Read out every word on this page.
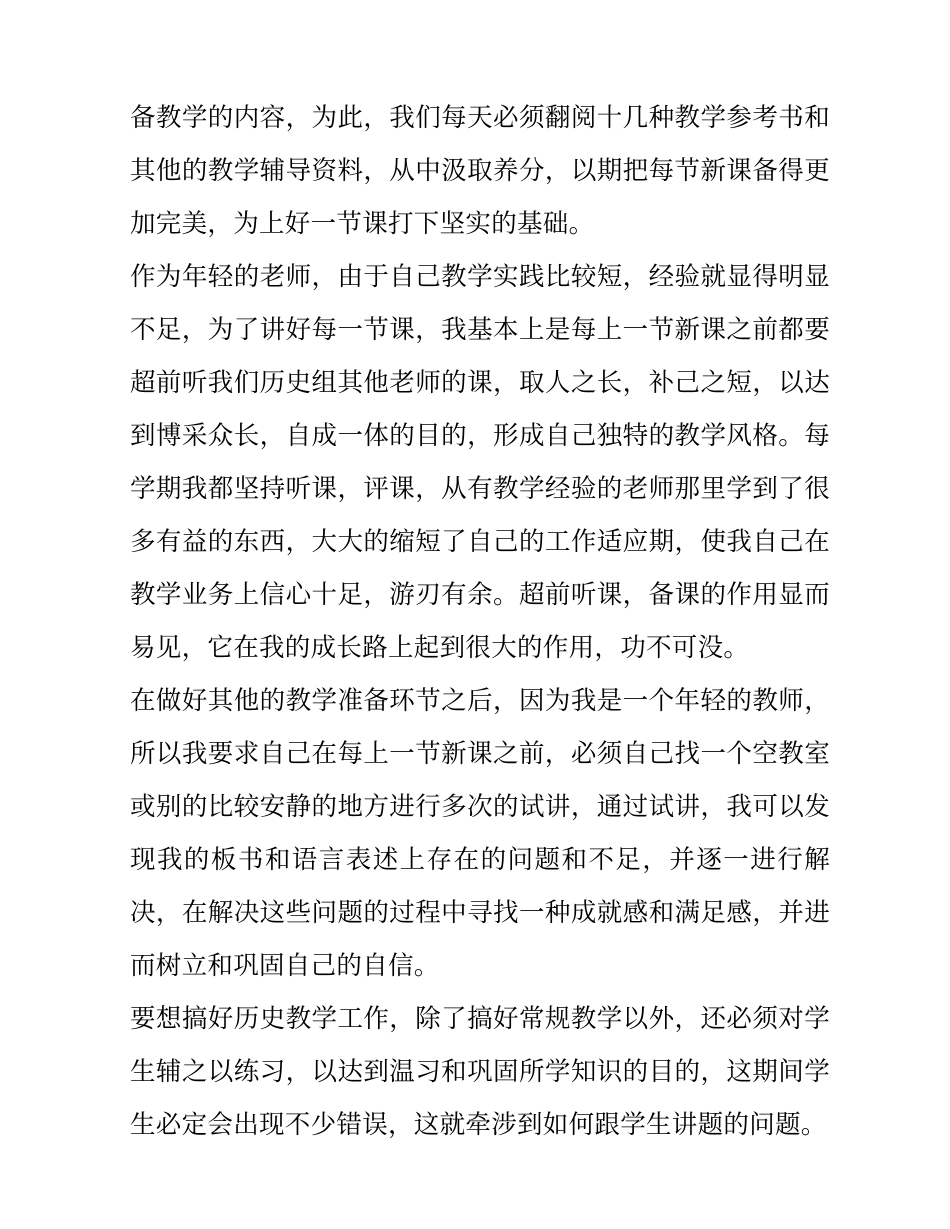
备教学的内容，为此，我们每天必须翻阅十几种教学参考书和其他的教学辅导资料，从中汲取养分，以期把每节新课备得更加完美，为上好一节课打下坚实的基础。

作为年轻的老师，由于自己教学实践比较短，经验就显得明显不足，为了讲好每一节课，我基本上是每上一节新课之前都要超前听我们历史组其他老师的课，取人之长，补己之短，以达到博采众长，自成一体的目的，形成自己独特的教学风格。每学期我都坚持听课，评课，从有教学经验的老师那里学到了很多有益的东西，大大的缩短了自己的工作适应期，使我自己在教学业务上信心十足，游刃有余。超前听课，备课的作用显而易见，它在我的成长路上起到很大的作用，功不可没。

在做好其他的教学准备环节之后，因为我是一个年轻的教师，所以我要求自己在每上一节新课之前，必须自己找一个空教室或别的比较安静的地方进行多次的试讲，通过试讲，我可以发现我的板书和语言表述上存在的问题和不足，并逐一进行解决，在解决这些问题的过程中寻找一种成就感和满足感，并进而树立和巩固自己的自信。

要想搞好历史教学工作，除了搞好常规教学以外，还必须对学生辅之以练习，以达到温习和巩固所学知识的目的，这期间学生必定会出现不少错误，这就牵涉到如何跟学生讲题的问题。
